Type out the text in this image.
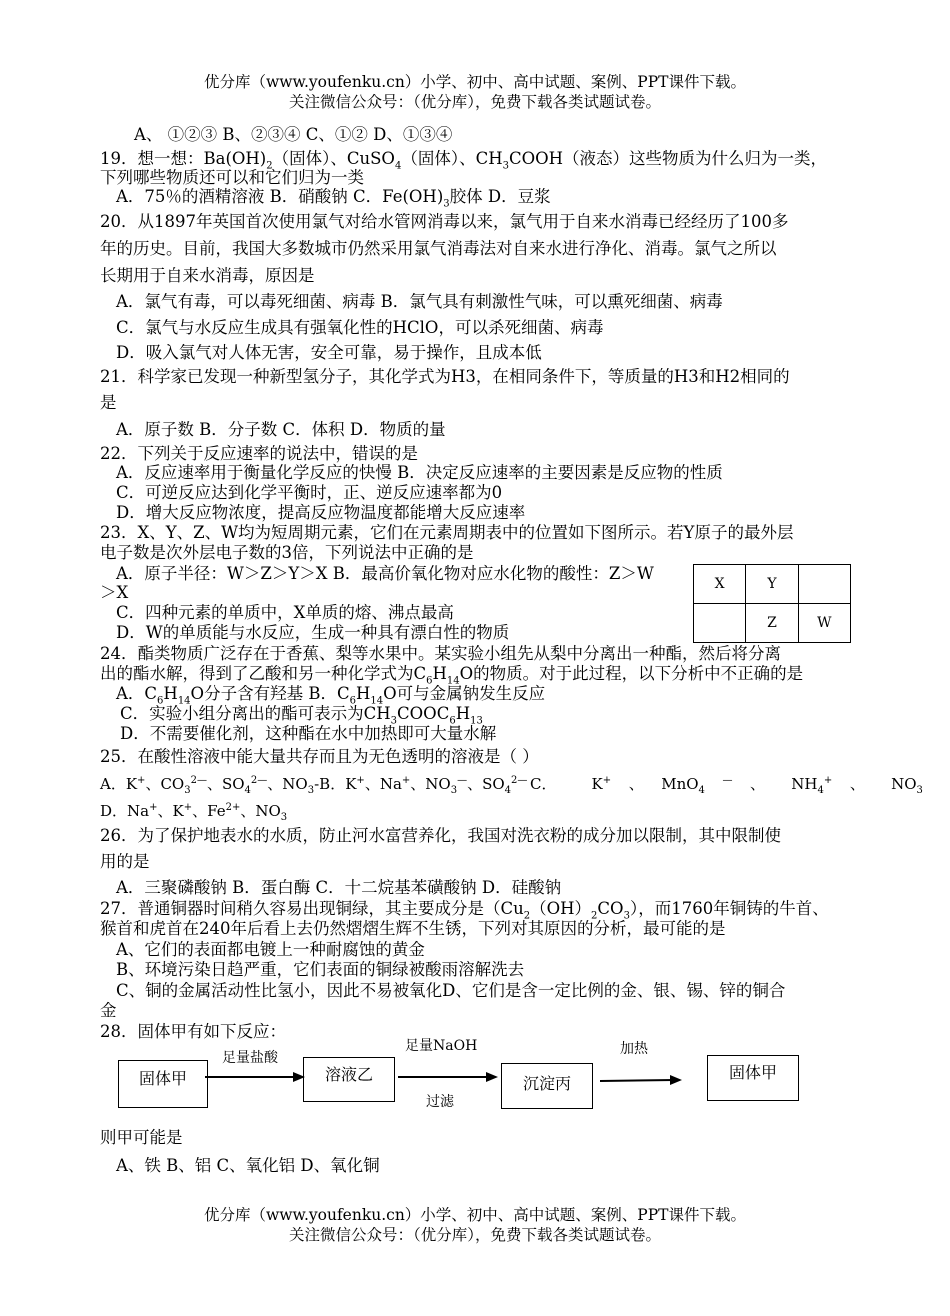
优分库（www.youfenku.cn）小学、初中、高中试题、案例、PPT课件下载。
关注微信公众号：（优分库），免费下载各类试题试卷。
A、 ①②③ B、②③④ C、①② D、①③④
19．想一想：$Ba(OH)_2$（固体）、CuSO$_4$（固体）、$CH_3COOH$（液态）这些物质为什么归为一类，
下列哪些物质还可以和它们归为一类
A．75％的酒精溶液 B．硝酸钠 C．$Fe(OH)_3$胶体 D．豆浆
20．从1897年英国首次使用氯气对给水管网消毒以来，氯气用于自来水消毒已经经历了100多
年的历史。目前，我国大多数城市仍然采用氯气消毒法对自来水进行净化、消毒。氯气之所以
长期用于自来水消毒，原因是
A．氯气有毒，可以毒死细菌、病毒 B．氯气具有刺激性气味，可以熏死细菌、病毒
C．氯气与水反应生成具有强氧化性的HClO，可以杀死细菌、病毒
D．吸入氯气对人体无害，安全可靠，易于操作，且成本低
21．科学家已发现一种新型氢分子，其化学式为H3，在相同条件下，等质量的H3和H2相同的
是
A．原子数 B．分子数 C．体积 D．物质的量
22．下列关于反应速率的说法中，错误的是
A．反应速率用于衡量化学反应的快慢 B．决定反应速率的主要因素是反应物的性质
C．可逆反应达到化学平衡时，正、逆反应速率都为0
D．增大反应物浓度，提高反应物温度都能增大反应速率
23．X、Y、Z、W均为短周期元素，它们在元素周期表中的位置如下图所示。若Y原子的最外层
电子数是次外层电子数的3倍，下列说法中正确的是
A．原子半径：W＞Z＞Y＞X B．最高价氧化物对应水化物的酸性：Z＞W
＞X
C．四种元素的单质中，X单质的熔、沸点最高
D．W的单质能与水反应，生成一种具有漂白性的物质
X	Y	
	Z	W
24．酯类物质广泛存在于香蕉、梨等水果中。某实验小组先从梨中分离出一种酯，然后将分离
出的酯水解，得到了乙酸和另一种化学式为$C_6H_{14}O$的物质。对于此过程，以下分析中不正确的是
A．$C_6H_{14}O$分子含有羟基 B．$C_6H_{14}O$可与金属钠发生反应
C．实验小组分离出的酯可表示为$CH_3COOC_6H_{13}$
D．不需要催化剂，这种酯在水中加热即可大量水解
25．在酸性溶液中能大量共存而且为无色透明的溶液是（ ）
A．K+、$CO_3^{2—}$、$SO_4^{2—}$、$NO_3-B$．K+、Na+、$NO_3^—$、$SO_4^{2—}$ C．    K+  、  MnO$_4$  —  、   $NH_4^+$  、   $NO_3$
D．Na+、K+、$Fe^{2+}$、$NO_3$
26．为了保护地表水的水质，防止河水富营养化，我国对洗衣粉的成分加以限制，其中限制使
用的是
A．三聚磷酸钠 B．蛋白酶 C．十二烷基苯磺酸钠 D．硅酸钠
27．普通铜器时间稍久容易出现铜绿，其主要成分是$(Cu_2(OH)_2CO_3)$，而1760年铜铸的牛首、
猴首和虎首在240年后看上去仍然熠熠生辉不生锈，下列对其原因的分析，最可能的是
A、它们的表面都电镀上一种耐腐蚀的黄金
B、环境污染日趋严重，它们表面的铜绿被酸雨溶解洗去
C、铜的金属活动性比氢小，因此不易被氧化D、它们是含一定比例的金、银、锡、锌的铜合
金
28．固体甲有如下反应：
固体甲	溶液乙	沉淀丙
固体甲
足量盐酸
足量NaOH
过滤
加热
则甲可能是
A、铁 B、铝 C、氧化铝 D、氧化铜
优分库（www.youfenku.cn）小学、初中、高中试题、案例、PPT课件下载。
关注微信公众号：（优分库），免费下载各类试题试卷。
